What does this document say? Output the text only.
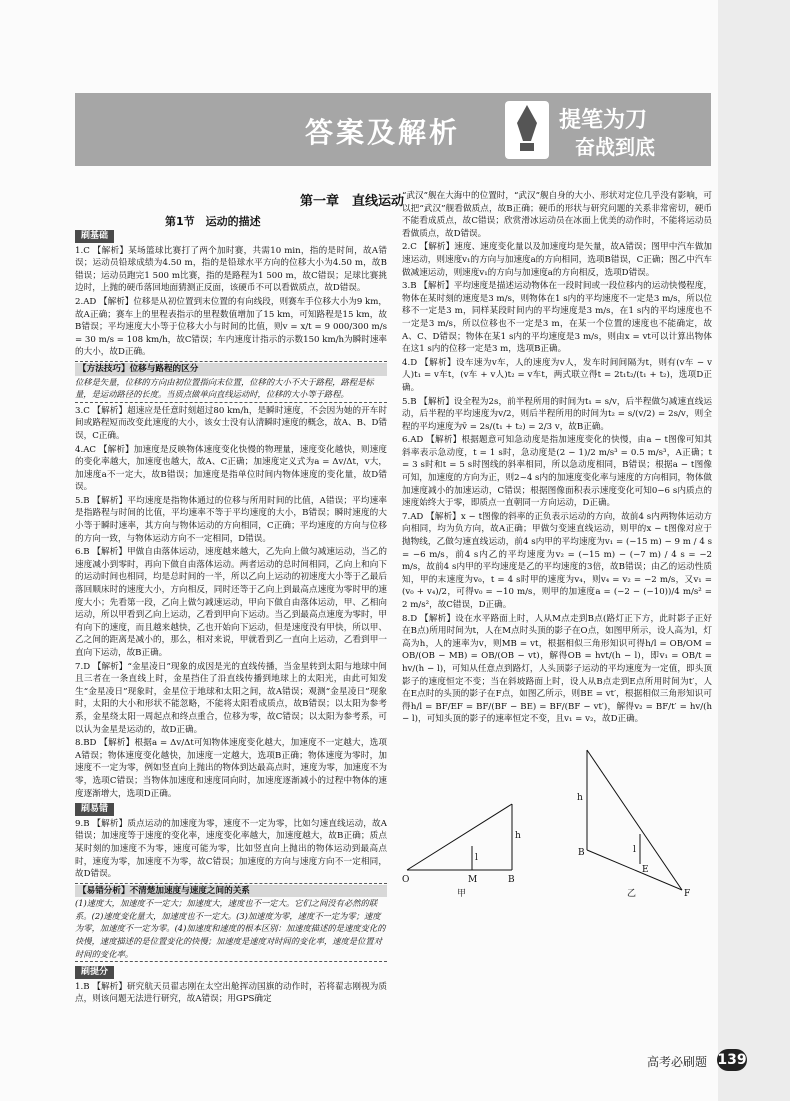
答案及解析	提笔为刀
奋战到底
第一章　直线运动
第1节　运动的描述
刷基础

1.C 【解析】某场篮球比赛打了两个加时赛，共需10 min，指的是时间，故A错误；运动员铅球成绩为4.50 m，指的是铅球水平方向的位移大小为4.50 m，故B错误；运动员跑完1 500 m比赛，指的是路程为1 500 m，故C错误；足球比赛挑边时，上抛的硬币落回地面猜测正反面，该硬币不可以看做质点，故D错误。

2.AD 【解析】位移是从初位置到末位置的有向线段，则赛车手位移大小为9 km，故A正确；赛车上的里程表指示的里程数值增加了15 km，可知路程是15 km，故B错误；平均速度大小等于位移大小与时间的比值，则v = x/t = 9 000/300 m/s = 30 m/s = 108 km/h，故C错误；车内速度计指示的示数150 km/h为瞬时速率的大小，故D正确。

【方法技巧】位移与路程的区分
位移是矢量，位移的方向由初位置指向末位置，位移的大小不大于路程，路程是标量，是运动路径的长度。当质点做单向直线运动时，位移的大小等于路程。

3.C 【解析】超速应是任意时刻超过80 km/h，是瞬时速度，不会因为她的开车时间或路程短而改变此速度的大小，该女士没有认清瞬时速度的概念，故A、B、D错误，C正确。

4.AC 【解析】加速度是反映物体速度变化快慢的物理量，速度变化越快，则速度的变化率越大，加速度也越大，故A、C正确；加速度定义式为a = Δv/Δt，v大，加速度a不一定大，故B错误；加速度是指单位时间内物体速度的变化量，故D错误。

5.B 【解析】平均速度是指物体通过的位移与所用时间的比值，A错误；平均速率是指路程与时间的比值，平均速率不等于平均速度的大小，B错误；瞬时速度的大小等于瞬时速率，其方向与物体运动的方向相同，C正确；平均速度的方向与位移的方向一致，与物体运动方向不一定相同，D错误。

6.B 【解析】甲做自由落体运动，速度越来越大，乙先向上做匀减速运动，当乙的速度减小到零时，再向下做自由落体运动。两者运动的总时间相同，乙向上和向下的运动时间也相同，均是总时间的一半，所以乙向上运动的初速度大小等于乙最后落回顺床时的速度大小，方向相反，同时还等于乙向上到最高点速度为零时甲的速度大小；先看第一段，乙向上做匀减速运动，甲向下做自由落体运动，甲、乙相向运动，所以甲看到乙向上运动，乙看到甲向下运动。当乙到最高点速度为零时，甲有向下的速度，而且越来越快，乙也开始向下运动，但是速度没有甲快，所以甲、乙之间的距离是减小的，那么，相对来说，甲就看到乙一直向上运动，乙看到甲一直向下运动，故B正确。

7.D 【解析】“金星凌日”现象的成因是光的直线传播，当金星转到太阳与地球中间且三者在一条直线上时，金星挡住了沿直线传播到地球上的太阳光，由此可知发生“金星凌日”现象时，金星位于地球和太阳之间，故A错误；观测“金星凌日”现象时，太阳的大小和形状不能忽略，不能将太阳看成质点，故B错误；以太阳为参考系，金星绕太阳一周起点和终点重合，位移为零，故C错误；以太阳为参考系，可以认为金星是运动的，故D正确。

8.BD 【解析】根据a = Δv/Δt可知物体速度变化越大，加速度不一定越大，选项A错误；物体速度变化越快，加速度一定越大，选项B正确；物体速度为零时，加速度不一定为零，例如竖直向上抛出的物体到达最高点时，速度为零，加速度不为零，选项C错误；当物体加速度和速度同向时，加速度逐渐减小的过程中物体的速度逐渐增大，选项D正确。

刷易错

9.B 【解析】质点运动的加速度为零，速度不一定为零，比如匀速直线运动，故A错误；加速度等于速度的变化率，速度变化率越大，加速度越大，故B正确；质点某时刻的加速度不为零，速度可能为零，比如竖直向上抛出的物体运动到最高点时，速度为零，加速度不为零，故C错误；加速度的方向与速度方向不一定相同，故D错误。

【易错分析】不清楚加速度与速度之间的关系
(1)速度大，加速度不一定大；加速度大，速度也不一定大。它们之间没有必然的联系。(2)速度变化量大，加速度也不一定大。(3)加速度为零，速度不一定为零；速度为零，加速度不一定为零。(4)加速度和速度的根本区别：加速度描述的是速度变化的快慢，速度描述的是位置变化的快慢；加速度是速度对时间的变化率，速度是位置对时间的变化率。
刷提分

1.B 【解析】研究航天员翟志刚在太空出舱挥动国旗的动作时，若将翟志刚视为质点，则该问题无法进行研究，故A错误；用GPS确定

“武汉”舰在大海中的位置时，“武汉”舰自身的大小、形状对定位几乎没有影响，可以把“武汉”舰看做质点，故B正确；硬币的形状与研究问题的关系非常密切，硬币不能看成质点，故C错误；欣赏滑冰运动员在冰面上优美的动作时，不能将运动员看做质点，故D错误。

2.C 【解析】速度、速度变化量以及加速度均是矢量，故A错误；图甲中汽车做加速运动，则速度v₁的方向与加速度a的方向相同，选项B错误，C正确；图乙中汽车做减速运动，则速度v₁的方向与加速度a的方向相反，选项D错误。

3.B 【解析】平均速度是描述运动物体在一段时间或一段位移内的运动快慢程度，物体在某时刻的速度是3 m/s，则物体在1 s内的平均速度不一定是3 m/s，所以位移不一定是3 m，同样某段时间内的平均速度是3 m/s，在1 s内的平均速度也不一定是3 m/s，所以位移也不一定是3 m，在某一个位置的速度也不能确定，故A、C、D错误；物体在某1 s内的平均速度是3 m/s，则由x = vt可以计算出物体在这1 s内的位移一定是3 m，选项B正确。

4.D 【解析】设车速为v车，人的速度为v人，发车时间间隔为t，则有(v车 − v人)t₁ = v车t，(v车 + v人)t₂ = v车t，两式联立得t = 2t₁t₂/(t₁ + t₂)，选项D正确。

5.B 【解析】设全程为2s，前半程所用的时间为t₁ = s/v，后半程做匀减速直线运动，后半程的平均速度为v/2，则后半程所用的时间为t₂ = s/(v/2) = 2s/v，则全程的平均速度为v̄ = 2s/(t₁ + t₂) = 2/3 v，故B正确。

6.AD 【解析】根据题意可知急动度是指加速度变化的快慢，由a − t图像可知其斜率表示急动度，t = 1 s时，急动度是(2 − 1)/2 m/s³ = 0.5 m/s³，A正确；t = 3 s时和t = 5 s时图线的斜率相同，所以急动度相同，B错误；根据a − t图像可知，加速度的方向为正，则2~4 s内的加速度变化率与速度的方向相同，物体做加速度减小的加速运动，C错误；根据图像面积表示速度变化可知0−6 s内质点的速度始终大于零，即质点一直朝同一方向运动，D正确。

7.AD 【解析】x − t图像的斜率的正负表示运动的方向，故前4 s内两物体运动方向相同，均为负方向，故A正确；甲做匀变速直线运动，则甲的x − t图像对应于抛物线，乙做匀速直线运动，前4 s内甲的平均速度为v₁ = (−15 m) − 9 m / 4 s = −6 m/s，前4 s内乙的平均速度为v₂ = (−15 m) − (−7 m) / 4 s = −2 m/s，故前4 s内甲的平均速度是乙的平均速度的3倍，故B错误；由乙的运动性质知，甲的末速度为v₀，t = 4 s时甲的速度为v₄，则v₄ = v₂ = −2 m/s，又v₁ = (v₀ + v₄)/2，可得v₀ = −10 m/s，则甲的加速度a = (−2 − (−10))/4 m/s² = 2 m/s²，故C错误，D正确。

8.D 【解析】设在水平路面上时，人从M点走到B点(路灯正下方，此时影子正好在B点)所用时间为t，人在M点时头顶的影子在O点，如图甲所示，设人高为l，灯高为h，人的速率为v，则MB = vt，根据相似三角形知识可得h/l = OB/OM = OB/(OB − MB) = OB/(OB − vt)，解得OB = hvt/(h − l)，即v₁ = OB/t = hv/(h − l)，可知从任意点到路灯，人头顶影子运动的平均速度为一定值，即头顶影子的速度恒定不变；当在斜坡路面上时，设人从B点走到E点所用时间为t′，人在E点时的头顶的影子在F点，如图乙所示，则BE = vt′，根据相似三角形知识可得h/l = BF/EF = BF/(BF − BE) = BF/(BF − vt′)，解得v₂ = BF/t′ = hv/(h − l)，可知头顶的影子的速率恒定不变，且v₁ = v₂，故D正确。

O	M	B
h
l	B
h
l
E
F
甲	乙
高考必刷题 139
